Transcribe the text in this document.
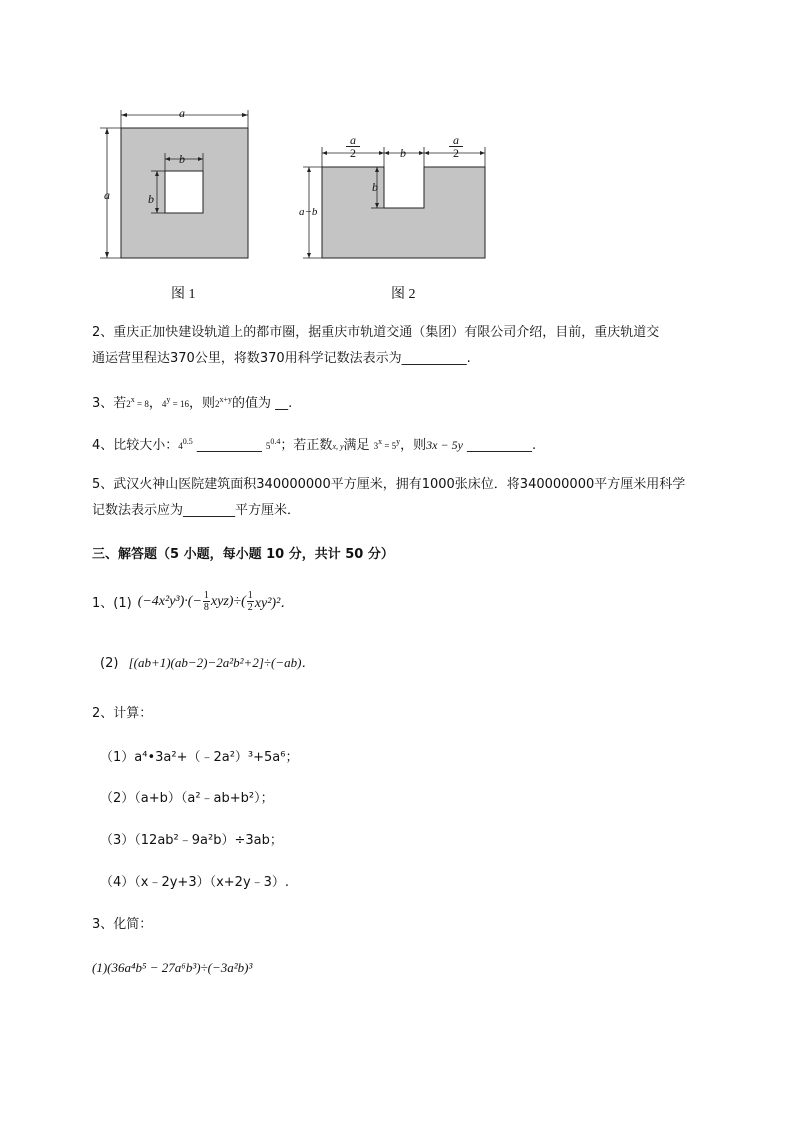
a
a
b
b
图 1
$\frac{a}{2}$	b	$\frac{a}{2}$
b
a−b
图 2
2、重庆正加快建设轨道上的都市圈，据重庆市轨道交通（集团）有限公司介绍，目前，重庆轨道交
通运营里程达370公里，将数370用科学记数法表示为__________.
3、若$2^x = 8$，$4^y = 16$，则$2^{x+y}$的值为 __.
4、比较大小：$4^{0.5}$ __________ $5^{0.4}$；若正数x, y满足 $3^x = 5^y$，则3x − 5y __________.
5、武汉火神山医院建筑面积340000000平方厘米，拥有1000张床位．将340000000平方厘米用科学
记数法表示应为________平方厘米．
三、解答题（5 小题，每小题 10 分，共计 50 分）
1、(1) $(-4x^2y^3)\cdot(- \frac{1}{8} xyz)\div( \frac{1}{2} xy^2)^2$．
(2) [(ab+1)(ab−2)−2a²b²+2]÷(−ab)．
2、计算：
（1）a⁴•3a²+（﹣2a²）³+5a⁶；
（2）（a+b）（a²﹣ab+b²）；
（3）（12ab²﹣9a²b）÷3ab；
（4）（x﹣2y+3）（x+2y﹣3）.
3、化简：
(1)(36a⁴b⁵ − 27a⁶b³)÷(−3a²b)³
